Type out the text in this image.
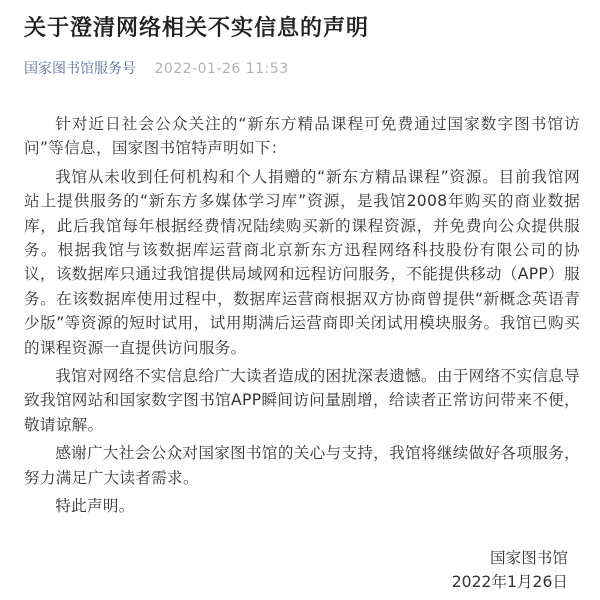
关于澄清网络相关不实信息的声明
国家图书馆服务号 2022-01-26 11:53

针对近日社会公众关注的“新东方精品课程可免费通过国家数字图书馆访问”等信息，国家图书馆特声明如下：

我馆从未收到任何机构和个人捐赠的“新东方精品课程”资源。目前我馆网站上提供服务的“新东方多媒体学习库”资源，是我馆2008年购买的商业数据库，此后我馆每年根据经费情况陆续购买新的课程资源，并免费向公众提供服务。根据我馆与该数据库运营商北京新东方迅程网络科技股份有限公司的协议，该数据库只通过我馆提供局域网和远程访问服务，不能提供移动（APP）服务。在该数据库使用过程中，数据库运营商根据双方协商曾提供“新概念英语青少版”等资源的短时试用，试用期满后运营商即关闭试用模块服务。我馆已购买的课程资源一直提供访问服务。

我馆对网络不实信息给广大读者造成的困扰深表遗憾。由于网络不实信息导致我馆网站和国家数字图书馆APP瞬间访问量剧增，给读者正常访问带来不便，敬请谅解。

感谢广大社会公众对国家图书馆的关心与支持，我馆将继续做好各项服务，努力满足广大读者需求。

特此声明。

国家图书馆
2022年1月26日
